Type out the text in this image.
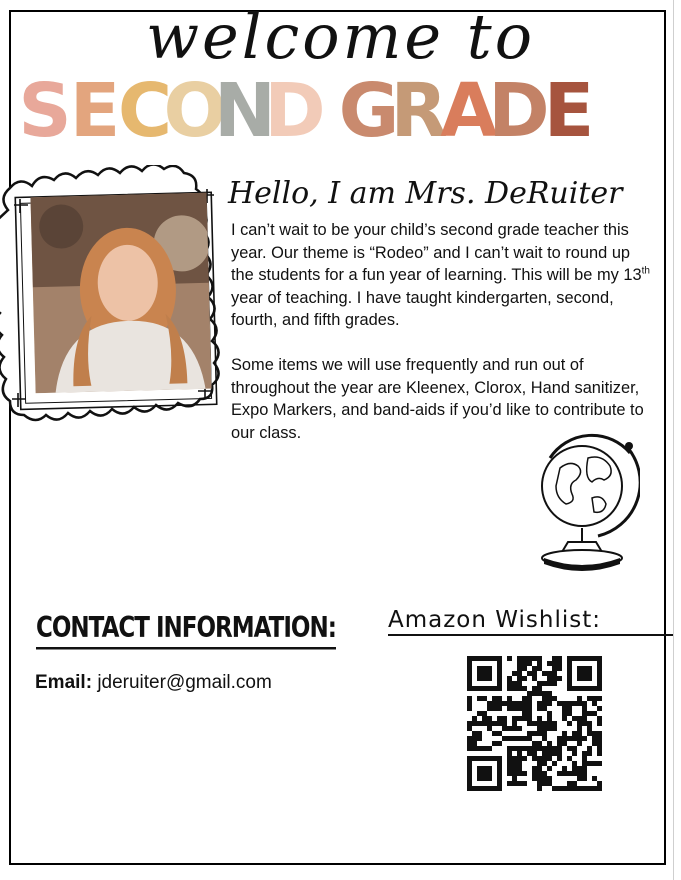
welcome to
S
E
C
O
N
D G
R
A
D
E
Hello, I am Mrs. DeRuiter

I can’t wait to be your child’s second grade teacher this year. Our theme is “Rodeo” and I can’t wait to round up the students for a fun year of learning. This will be my 13th year of teaching. I have taught kindergarten, second, fourth, and fifth grades.

Some items we will use frequently and run out of throughout the year are Kleenex, Clorox, Hand sanitizer, Expo Markers, and band-aids if you’d like to contribute to our class.

CONTACT INFORMATION:
Email: jderuiter@gmail.com
Amazon Wishlist:
